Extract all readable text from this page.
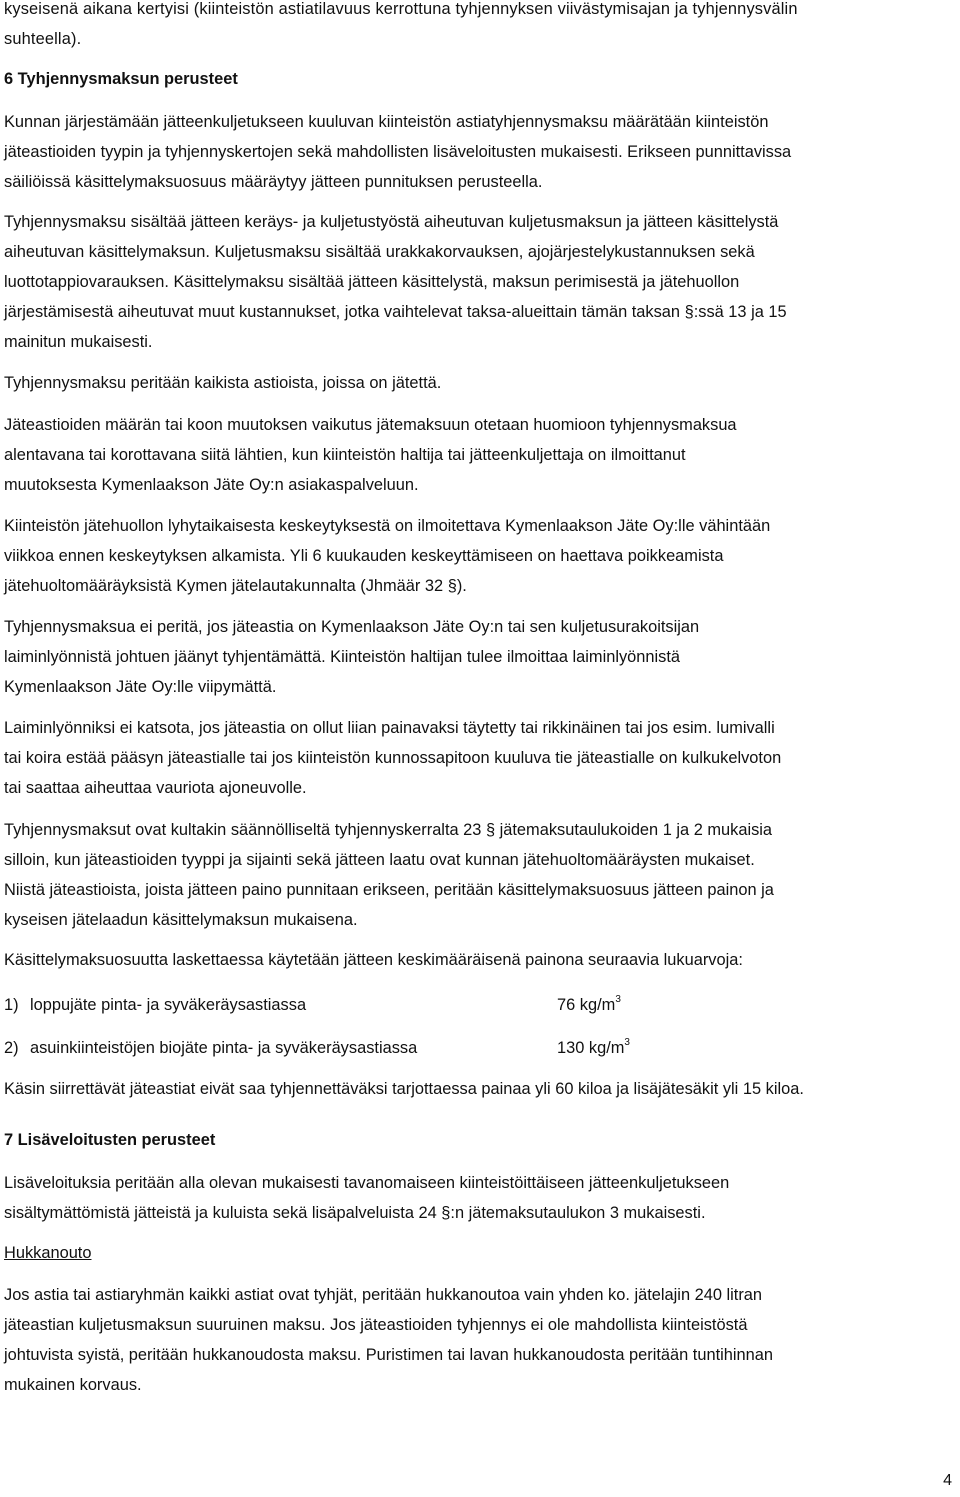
kyseisenä aikana kertyisi (kiinteistön astiatilavuus kerrottuna tyhjennyksen viivästymisajan ja tyhjennysvälin
suhteella).
6 Tyhjennysmaksun perusteet
Kunnan järjestämään jätteenkuljetukseen kuuluvan kiinteistön astiatyhjennysmaksu määrätään kiinteistön
jäteastioiden tyypin ja tyhjennyskertojen sekä mahdollisten lisäveloitusten mukaisesti. Erikseen punnittavissa
säiliöissä käsittelymaksuosuus määräytyy jätteen punnituksen perusteella.
Tyhjennysmaksu sisältää jätteen keräys- ja kuljetustyöstä aiheutuvan kuljetusmaksun ja jätteen käsittelystä
aiheutuvan käsittelymaksun. Kuljetusmaksu sisältää urakkakorvauksen, ajojärjestelykustannuksen sekä
luottotappiovarauksen. Käsittelymaksu sisältää jätteen käsittelystä, maksun perimisestä ja jätehuollon
järjestämisestä aiheutuvat muut kustannukset, jotka vaihtelevat taksa-alueittain tämän taksan §:ssä 13 ja 15
mainitun mukaisesti.
Tyhjennysmaksu peritään kaikista astioista, joissa on jätettä.
Jäteastioiden määrän tai koon muutoksen vaikutus jätemaksuun otetaan huomioon tyhjennysmaksua
alentavana tai korottavana siitä lähtien, kun kiinteistön haltija tai jätteenkuljettaja on ilmoittanut
muutoksesta Kymenlaakson Jäte Oy:n asiakaspalveluun.
Kiinteistön jätehuollon lyhytaikaisesta keskeytyksestä on ilmoitettava Kymenlaakson Jäte Oy:lle vähintään
viikkoa ennen keskeytyksen alkamista. Yli 6 kuukauden keskeyttämiseen on haettava poikkeamista
jätehuoltomääräyksistä Kymen jätelautakunnalta (Jhmäär 32 §).
Tyhjennysmaksua ei peritä, jos jäteastia on Kymenlaakson Jäte Oy:n tai sen kuljetusurakoitsijan
laiminlyönnistä johtuen jäänyt tyhjentämättä. Kiinteistön haltijan tulee ilmoittaa laiminlyönnistä
Kymenlaakson Jäte Oy:lle viipymättä.
Laiminlyönniksi ei katsota, jos jäteastia on ollut liian painavaksi täytetty tai rikkinäinen tai jos esim. lumivalli
tai koira estää pääsyn jäteastialle tai jos kiinteistön kunnossapitoon kuuluva tie jäteastialle on kulkukelvoton
tai saattaa aiheuttaa vauriota ajoneuvolle.
Tyhjennysmaksut ovat kultakin säännölliseltä tyhjennyskerralta 23 § jätemaksutaulukoiden 1 ja 2 mukaisia
silloin, kun jäteastioiden tyyppi ja sijainti sekä jätteen laatu ovat kunnan jätehuoltomääräysten mukaiset.
Niistä jäteastioista, joista jätteen paino punnitaan erikseen, peritään käsittelymaksuosuus jätteen painon ja
kyseisen jätelaadun käsittelymaksun mukaisena.
Käsittelymaksuosuutta laskettaessa käytetään jätteen keskimääräisenä painona seuraavia lukuarvoja:
1) loppujäte pinta- ja syväkeräysastiassa	76 $kg/m^3$
2) asuinkiinteistöjen biojäte pinta- ja syväkeräysastiassa	130 $kg/m^3$
Käsin siirrettävät jäteastiat eivät saa tyhjennettäväksi tarjottaessa painaa yli 60 kiloa ja lisäjätesäkit yli 15 kiloa.
7 Lisäveloitusten perusteet
Lisäveloituksia peritään alla olevan mukaisesti tavanomaiseen kiinteistöittäiseen jätteenkuljetukseen
sisältymättömistä jätteistä ja kuluista sekä lisäpalveluista 24 §:n jätemaksutaulukon 3 mukaisesti.
Hukkanouto
Jos astia tai astiaryhmän kaikki astiat ovat tyhjät, peritään hukkanoutoa vain yhden ko. jätelajin 240 litran
jäteastian kuljetusmaksun suuruinen maksu. Jos jäteastioiden tyhjennys ei ole mahdollista kiinteistöstä
johtuvista syistä, peritään hukkanoudosta maksu. Puristimen tai lavan hukkanoudosta peritään tuntihinnan
mukainen korvaus.
4
